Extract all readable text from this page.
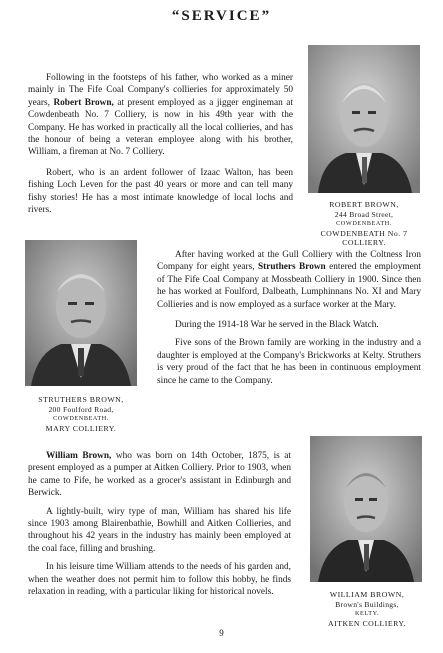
“SERVICE”

Following in the footsteps of his father, who worked as a miner mainly in The Fife Coal Company's collieries for approximately 50 years, Robert Brown, at present employed as a jigger engineman at Cowdenbeath No. 7 Colliery, is now in his 49th year with the Company. He has worked in practically all the local collieries, and has the honour of being a veteran employee along with his brother, William, a fireman at No. 7 Colliery.

Robert, who is an ardent follower of Izaac Walton, has been fishing Loch Leven for the past 40 years or more and can tell many fishy stories! He has a most intimate knowledge of local lochs and rivers.

ROBERT BROWN,
244 Broad Street,
COWDENBEATH.
COWDENBEATH No. 7 COLLIERY.
STRUTHERS BROWN,
200 Foulford Road,
COWDENBEATH.
MARY COLLIERY.

After having worked at the Gull Colliery with the Coltness Iron Company for eight years, Struthers Brown entered the employment of The Fife Coal Company at Mossbeath Colliery in 1900. Since then he has worked at Foulford, Dalbeath, Lumphinnans No. XI and Mary Collieries and is now employed as a surface worker at the Mary.

During the 1914-18 War he served in the Black Watch.

Five sons of the Brown family are working in the industry and a daughter is employed at the Company's Brickworks at Kelty. Struthers is very proud of the fact that he has been in continuous employment since he came to the Company.

William Brown, who was born on 14th October, 1875, is at present employed as a pumper at Aitken Colliery. Prior to 1903, when he came to Fife, he worked as a grocer's assistant in Edinburgh and Berwick.

A lightly-built, wiry type of man, William has shared his life since 1903 among Blairenbathie, Bowhill and Aitken Collieries, and throughout his 42 years in the industry has mainly been employed at the coal face, filling and brushing.

In his leisure time William attends to the needs of his garden and, when the weather does not permit him to follow this hobby, he finds relaxation in reading, with a particular liking for historical novels.	WILLIAM BROWN,
Brown's Buildings,
KELTY.
AITKEN COLLIERY.
9
